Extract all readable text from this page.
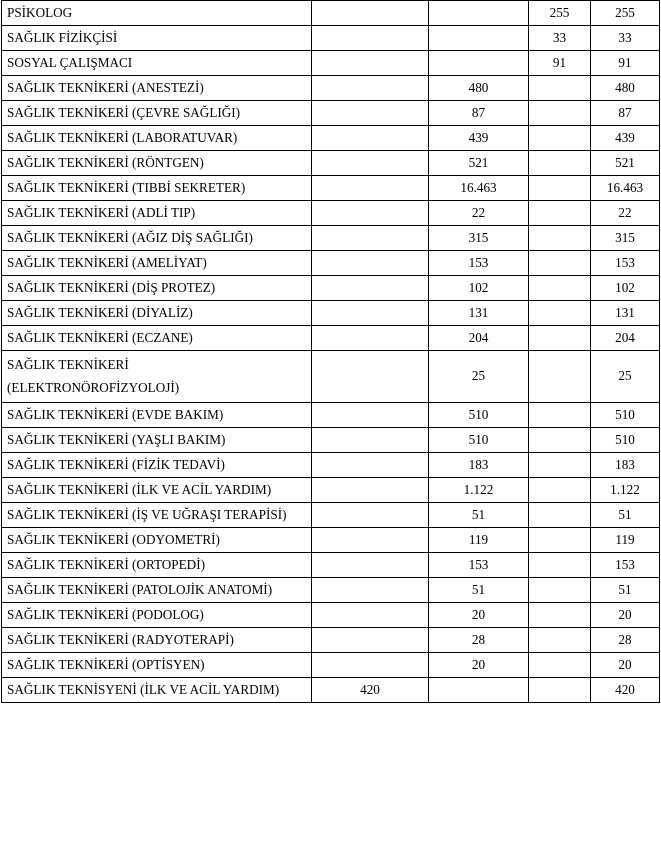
PSİKOLOG			255	255
SAĞLIK FİZİKÇİSİ			33	33
SOSYAL ÇALIŞMACI			91	91
SAĞLIK TEKNİKERİ (ANESTEZİ)		480		480
SAĞLIK TEKNİKERİ (ÇEVRE SAĞLIĞI)		87		87
SAĞLIK TEKNİKERİ (LABORATUVAR)		439		439
SAĞLIK TEKNİKERİ (RÖNTGEN)		521		521
SAĞLIK TEKNİKERİ (TIBBİ SEKRETER)		16.463		16.463
SAĞLIK TEKNİKERİ (ADLİ TIP)		22		22
SAĞLIK TEKNİKERİ (AĞIZ DİŞ SAĞLIĞI)		315		315
SAĞLIK TEKNİKERİ (AMELİYAT)		153		153
SAĞLIK TEKNİKERİ (DİŞ PROTEZ)		102		102
SAĞLIK TEKNİKERİ (DİYALİZ)		131		131
SAĞLIK TEKNİKERİ (ECZANE)		204		204

SAĞLIK TEKNİKERİ
(ELEKTRONÖROFİZYOLOJİ)		25		25
SAĞLIK TEKNİKERİ (EVDE BAKIM)		510		510
SAĞLIK TEKNİKERİ (YAŞLI BAKIM)		510		510
SAĞLIK TEKNİKERİ (FİZİK TEDAVİ)		183		183
SAĞLIK TEKNİKERİ (İLK VE ACİL YARDIM)		1.122		1.122
SAĞLIK TEKNİKERİ (İŞ VE UĞRAŞI TERAPİSİ)		51		51
SAĞLIK TEKNİKERİ (ODYOMETRİ)		119		119
SAĞLIK TEKNİKERİ (ORTOPEDİ)		153		153
SAĞLIK TEKNİKERİ (PATOLOJİK ANATOMİ)		51		51
SAĞLIK TEKNİKERİ (PODOLOG)		20		20
SAĞLIK TEKNİKERİ (RADYOTERAPİ)		28		28
SAĞLIK TEKNİKERİ (OPTİSYEN)		20		20
SAĞLIK TEKNİSYENİ (İLK VE ACİL YARDIM)	420			420
